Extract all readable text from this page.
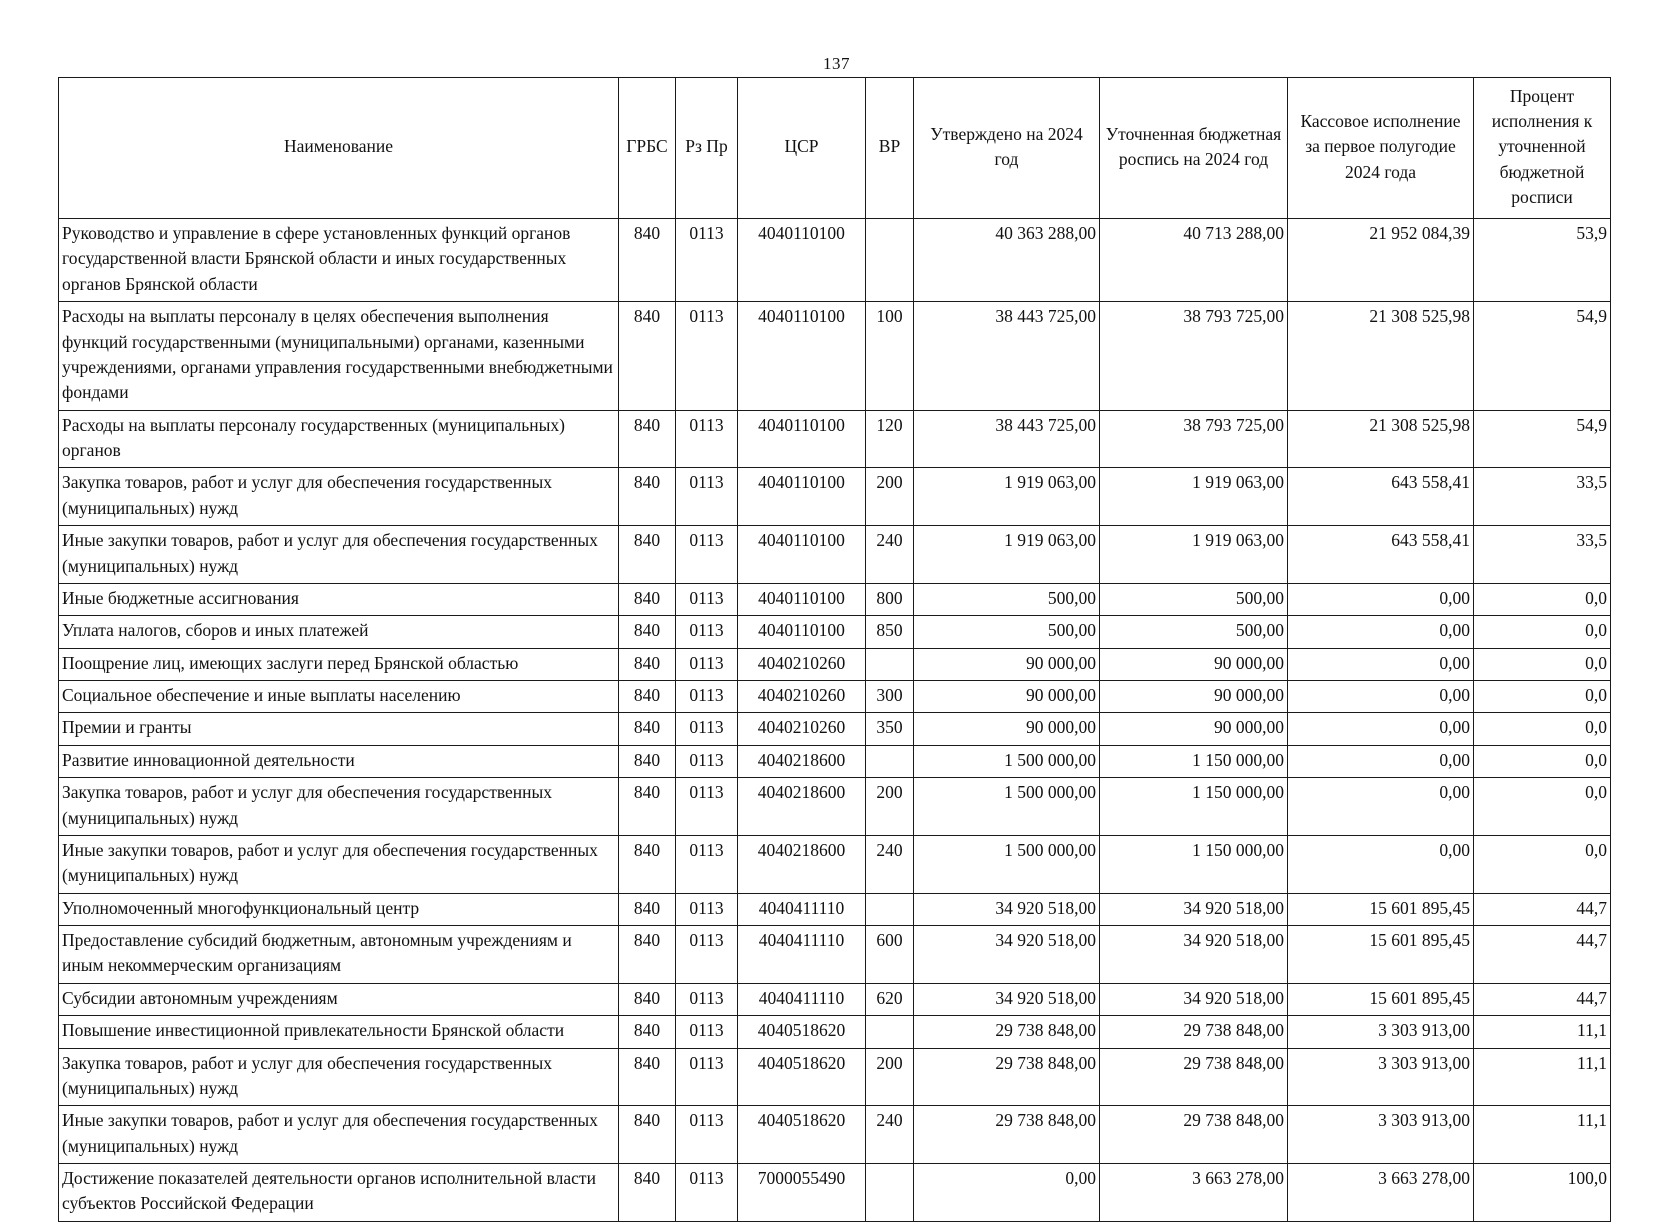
137
Наименование	ГРБС	Рз Пр	ЦСР	ВР	Утверждено на 2024 год	Уточненная бюджетная роспись на 2024 год	Кассовое исполнение за первое полугодие 2024 года	Процент исполнения к уточненной бюджетной росписи
Руководство и управление в сфере установленных функций органов государственной власти Брянской области и иных государственных органов Брянской области	840	0113	4040110100		40 363 288,00	40 713 288,00	21 952 084,39	53,9
Расходы на выплаты персоналу в целях обеспечения выполнения функций государственными (муниципальными) органами, казенными учреждениями, органами управления государственными внебюджетными фондами	840	0113	4040110100	100	38 443 725,00	38 793 725,00	21 308 525,98	54,9
Расходы на выплаты персоналу государственных (муниципальных) органов	840	0113	4040110100	120	38 443 725,00	38 793 725,00	21 308 525,98	54,9
Закупка товаров, работ и услуг для обеспечения государственных (муниципальных) нужд	840	0113	4040110100	200	1 919 063,00	1 919 063,00	643 558,41	33,5
Иные закупки товаров, работ и услуг для обеспечения государственных (муниципальных) нужд	840	0113	4040110100	240	1 919 063,00	1 919 063,00	643 558,41	33,5
Иные бюджетные ассигнования	840	0113	4040110100	800	500,00	500,00	0,00	0,0
Уплата налогов, сборов и иных платежей	840	0113	4040110100	850	500,00	500,00	0,00	0,0
Поощрение лиц, имеющих заслуги перед Брянской областью	840	0113	4040210260		90 000,00	90 000,00	0,00	0,0
Социальное обеспечение и иные выплаты населению	840	0113	4040210260	300	90 000,00	90 000,00	0,00	0,0
Премии и гранты	840	0113	4040210260	350	90 000,00	90 000,00	0,00	0,0
Развитие инновационной деятельности	840	0113	4040218600		1 500 000,00	1 150 000,00	0,00	0,0
Закупка товаров, работ и услуг для обеспечения государственных (муниципальных) нужд	840	0113	4040218600	200	1 500 000,00	1 150 000,00	0,00	0,0
Иные закупки товаров, работ и услуг для обеспечения государственных (муниципальных) нужд	840	0113	4040218600	240	1 500 000,00	1 150 000,00	0,00	0,0
Уполномоченный многофункциональный центр	840	0113	4040411110		34 920 518,00	34 920 518,00	15 601 895,45	44,7
Предоставление субсидий бюджетным, автономным учреждениям и иным некоммерческим организациям	840	0113	4040411110	600	34 920 518,00	34 920 518,00	15 601 895,45	44,7
Субсидии автономным учреждениям	840	0113	4040411110	620	34 920 518,00	34 920 518,00	15 601 895,45	44,7
Повышение инвестиционной привлекательности Брянской области	840	0113	4040518620		29 738 848,00	29 738 848,00	3 303 913,00	11,1
Закупка товаров, работ и услуг для обеспечения государственных (муниципальных) нужд	840	0113	4040518620	200	29 738 848,00	29 738 848,00	3 303 913,00	11,1
Иные закупки товаров, работ и услуг для обеспечения государственных (муниципальных) нужд	840	0113	4040518620	240	29 738 848,00	29 738 848,00	3 303 913,00	11,1
Достижение показателей деятельности органов исполнительной власти субъектов Российской Федерации	840	0113	7000055490		0,00	3 663 278,00	3 663 278,00	100,0
